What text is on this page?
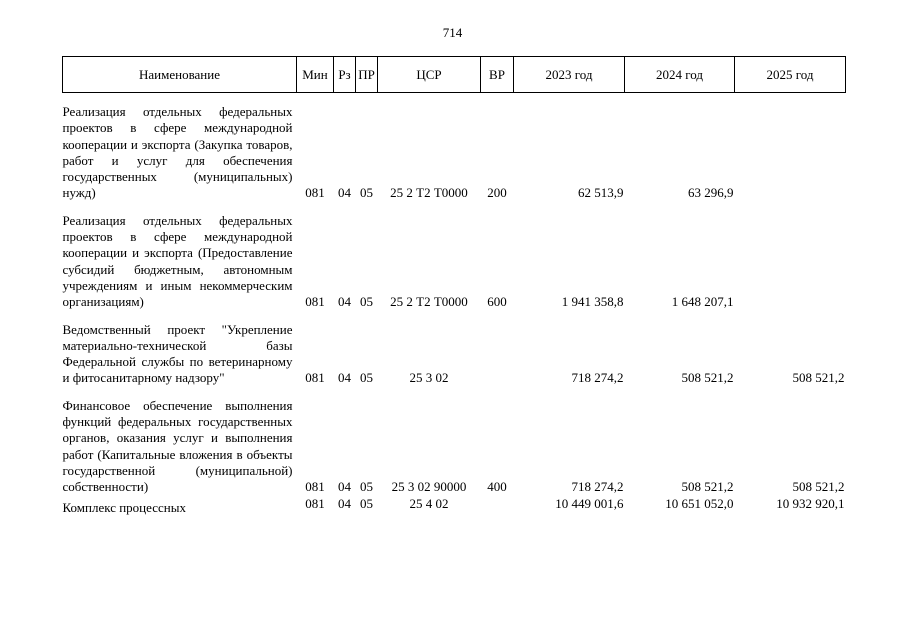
714
Наименование	Мин	Рз	ПР	ЦСР	ВР	2023 год	2024 год	2025 год
Реализация отдельных федеральных проектов в сфере международной кооперации и экспорта (Закупка товаров, работ и услуг для обеспечения государственных (муниципальных) нужд)	081	04	05	25 2 Т2 Т0000	200	62 513,9	63 296,9	
Реализация отдельных федеральных проектов в сфере международной кооперации и экспорта (Предоставление субсидий бюджетным, автономным учреждениям и иным некоммерческим организациям)	081	04	05	25 2 Т2 Т0000	600	1 941 358,8	1 648 207,1	
Ведомственный проект "Укрепление материально-технической базы Федеральной службы по ветеринарному и фитосанитарному надзору"	081	04	05	25 3 02		718 274,2	508 521,2	508 521,2
Финансовое обеспечение выполнения функций федеральных государственных органов, оказания услуг и выполнения работ (Капитальные вложения в объекты государственной (муниципальной) собственности)	081	04	05	25 3 02 90000	400	718 274,2	508 521,2	508 521,2
Комплекс процессных	081	04	05	25 4 02		10 449 001,6	10 651 052,0	10 932 920,1
